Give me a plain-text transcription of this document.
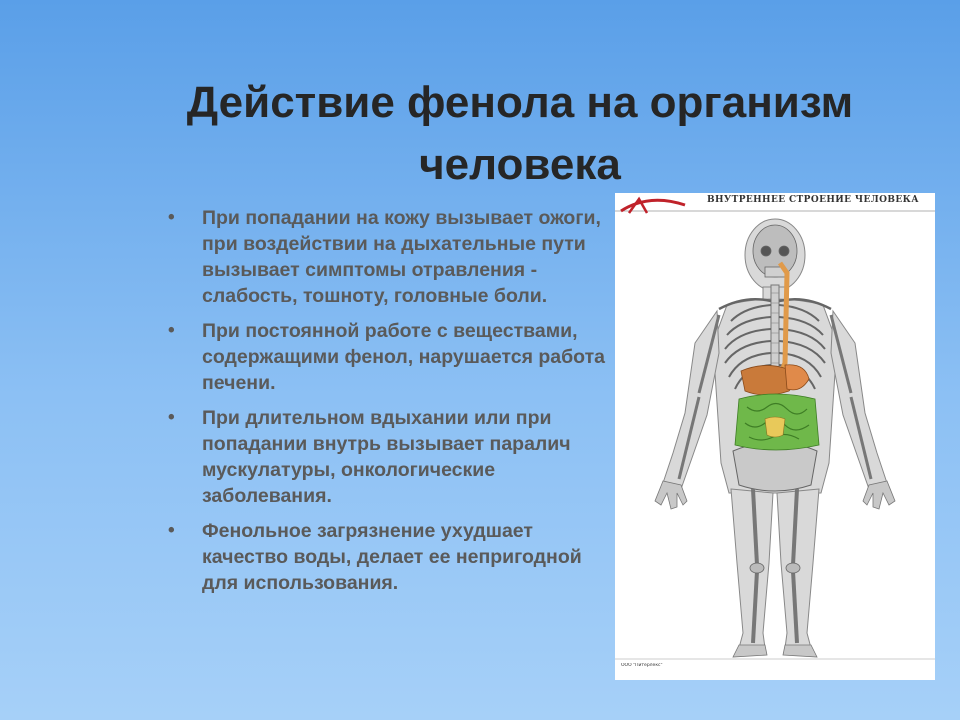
Действие фенола на организм
человека
• При попадании на кожу вызывает ожоги, при воздействии на дыхательные пути вызывает симптомы отравления - слабость, тошноту, головные боли.
• При постоянной работе с веществами, содержащими фенол, нарушается работа печени.
• При длительном вдыхании или при попадании внутрь вызывает паралич мускулатуры, онкологические заболевания.
• Фенольное загрязнение ухудшает качество воды, делает ее непригодной для использования.
ВНУТРЕННЕЕ СТРОЕНИЕ ЧЕЛОВЕКА
ООО "Питерлекс"
